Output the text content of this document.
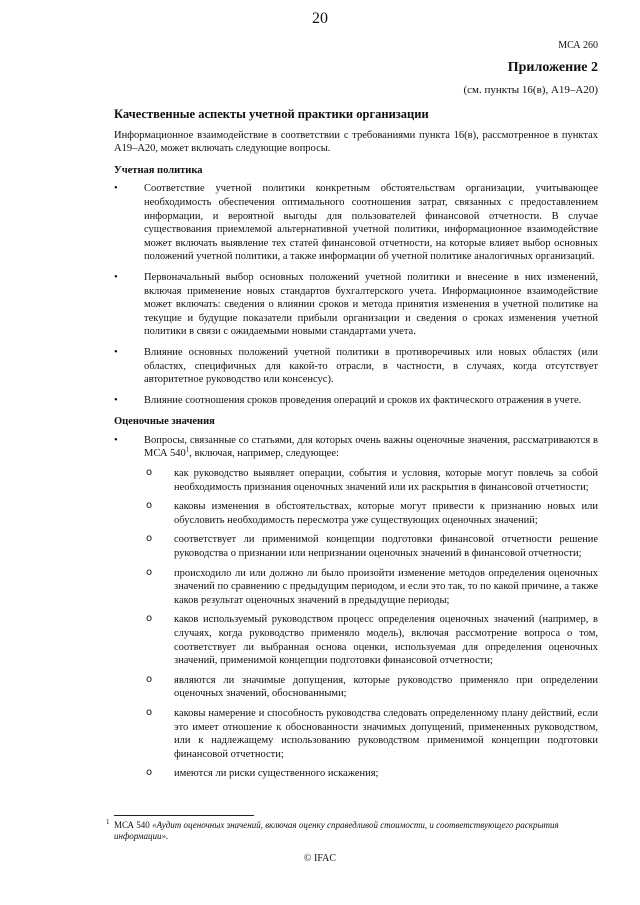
20
МСА 260
Приложение 2
(см. пункты 16(в), А19–А20)
Качественные аспекты учетной практики организации

Информационное взаимодействие в соответствии с требованиями пункта 16(в), рассмотренное в пунктах А19–А20, может включать следующие вопросы.

Учетная политика
•	Соответствие учетной политики конкретным обстоятельствам организации, учитывающее необходимость обеспечения оптимального соотношения затрат, связанных с предоставлением информации, и вероятной выгоды для пользователей финансовой отчетности. В случае существования приемлемой альтернативной учетной политики, информационное взаимодействие может включать выявление тех статей финансовой отчетности, на которые влияет выбор основных положений учетной политики, а также информации об учетной политике аналогичных организаций.
•	Первоначальный выбор основных положений учетной политики и внесение в них изменений, включая применение новых стандартов бухгалтерского учета. Информационное взаимодействие может включать: сведения о влиянии сроков и метода принятия изменения в учетной политике на текущие и будущие показатели прибыли организации и сведения о сроках изменения учетной политики в связи с ожидаемыми новыми стандартами учета.
•	Влияние основных положений учетной политики в противоречивых или новых областях (или областях, специфичных для какой-то отрасли, в частности, в случаях, когда отсутствует авторитетное руководство или консенсус).
•	Влияние соотношения сроков проведения операций и сроков их фактического отражения в учете.
Оценочные значения
•	Вопросы, связанные со статьями, для которых очень важны оценочные значения, рассматриваются в МСА 540$^1$, включая, например, следующее:
o как руководство выявляет операции, события и условия, которые могут повлечь за собой необходимость признания оценочных значений или их раскрытия в финансовой отчетности;
o каковы изменения в обстоятельствах, которые могут привести к признанию новых или обусловить необходимость пересмотра уже существующих оценочных значений;
o соответствует ли применимой концепции подготовки финансовой отчетности решение руководства о признании или непризнании оценочных значений в финансовой отчетности;
o происходило ли или должно ли было произойти изменение методов определения оценочных значений по сравнению с предыдущим периодом, и если это так, то по какой причине, а также каков результат оценочных значений в предыдущие периоды;
o каков используемый руководством процесс определения оценочных значений (например, в случаях, когда руководство применяло модель), включая рассмотрение вопроса о том, соответствует ли выбранная основа оценки, используемая для определения оценочных значений, применимой концепции подготовки финансовой отчетности;
o являются ли значимые допущения, которые руководство применяло при определении оценочных значений, обоснованными;
o каковы намерение и способность руководства следовать определенному плану действий, если это имеет отношение к обоснованности значимых допущений, примененных руководством, или к надлежащему использованию руководством применимой концепции подготовки финансовой отчетности;
o имеются ли риски существенного искажения;
1 МСА 540 «Аудит оценочных значений, включая оценку справедливой стоимости, и соответствующего раскрытия информации».
© IFAC
